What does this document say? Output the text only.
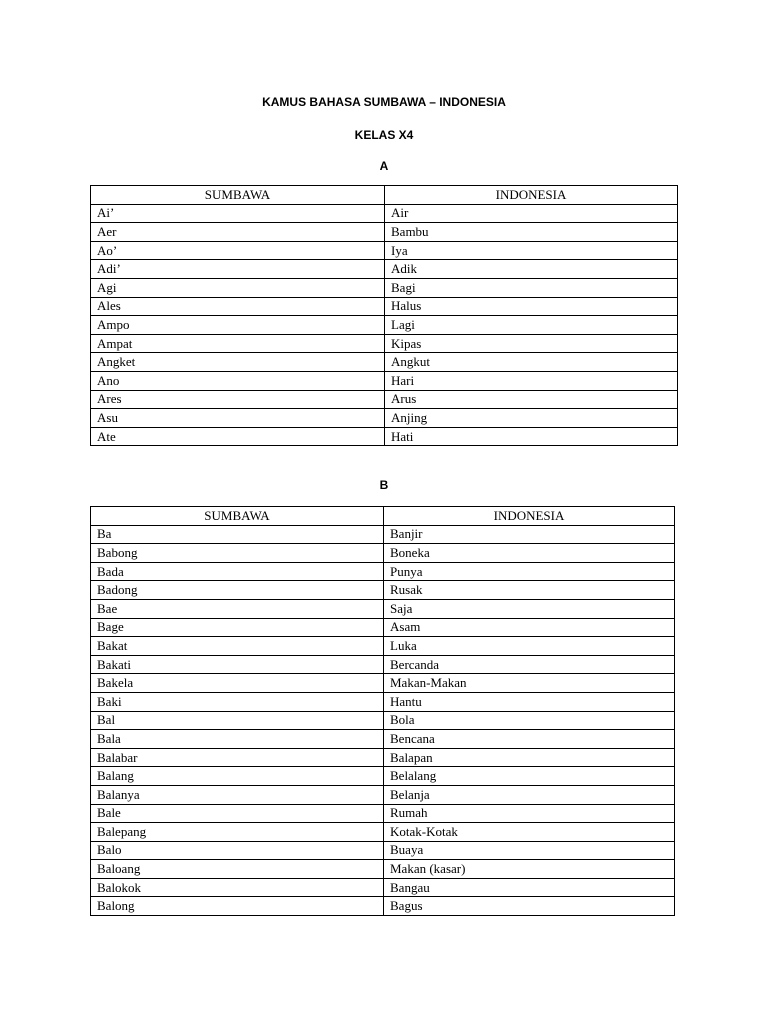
KAMUS BAHASA SUMBAWA – INDONESIA
KELAS X4
A
SUMBAWA	INDONESIA
Ai’	Air
Aer	Bambu
Ao’	Iya
Adi’	Adik
Agi	Bagi
Ales	Halus
Ampo	Lagi
Ampat	Kipas
Angket	Angkut
Ano	Hari
Ares	Arus
Asu	Anjing
Ate	Hati
B
SUMBAWA	INDONESIA
Ba	Banjir
Babong	Boneka
Bada	Punya
Badong	Rusak
Bae	Saja
Bage	Asam
Bakat	Luka
Bakati	Bercanda
Bakela	Makan-Makan
Baki	Hantu
Bal	Bola
Bala	Bencana
Balabar	Balapan
Balang	Belalang
Balanya	Belanja
Bale	Rumah
Balepang	Kotak-Kotak
Balo	Buaya
Baloang	Makan (kasar)
Balokok	Bangau
Balong	Bagus
